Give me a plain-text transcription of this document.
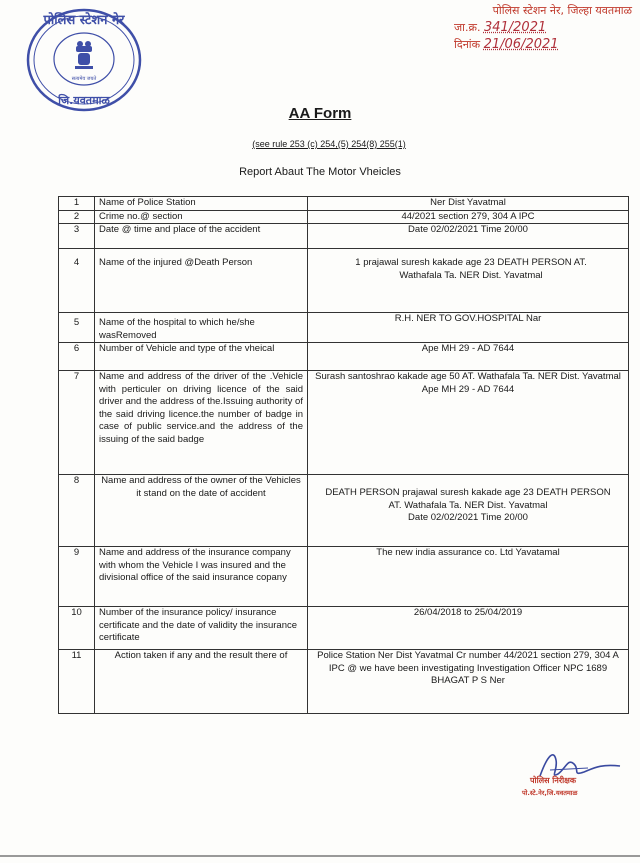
सत्यमेव जयते
पोलिस स्टेशन नेर
जि.यवतमाळ
पोलिस स्टेशन नेर, जिल्हा यवतमाळ
जा.क्र. 341/2021
दिनांक 21/06/2021
AA Form
(see rule 253 (c) 254,(5) 254(8) 255(1)
Report Abaut The Motor Vheicles
1	Name of Police Station	Ner Dist Yavatmal
2	Crime no.@ section	44/2021 section 279, 304 A IPC
3	Date @ time and place of the accident	Date 02/02/2021 Time 20/00
4	Name of the injured @Death Person	1 prajawal suresh kakade age 23 DEATH PERSON AT. Wathafala Ta. NER Dist. Yavatmal
5	Name of the hospital to which he/she wasRemoved	R.H. NER TO GOV.HOSPITAL Nar
6	Number of Vehicle and type of the vheical	Ape MH 29 - AD 7644
7	Name and address of the driver of the .Vehicle with perticuler on driving licence of the said driver and the address of the.Issuing authority of the said driving licence.the number of badge in case of public service.and the address of the issuing of the said badge	Surash santoshrao kakade age 50 AT. Wathafala Ta. NER Dist. Yavatmal
Ape MH 29 - AD 7644

8	Name and address of the owner of the Vehicles it stand on the date of accident	DEATH PERSON prajawal suresh kakade age 23 DEATH PERSON AT. Wathafala Ta. NER Dist. Yavatmal
Date 02/02/2021 Time 20/00

9	Name and address of the insurance company with whom the Vehicle I was insured and the divisional office of the said insurance copany	The new india assurance co. Ltd Yavatamal
10	Number of the insurance policy/ insurance certificate and the date of validity the insurance certificate	26/04/2018 to 25/04/2019
11	Action taken if any and the result there of	Police Station Ner Dist Yavatmal Cr number 44/2021 section 279, 304 A IPC @ we have been investigating Investigation Officer NPC 1689 BHAGAT P S Ner
पोलिस निरीक्षक
पो.स्टे.नेर,जि.यवतमाळ
